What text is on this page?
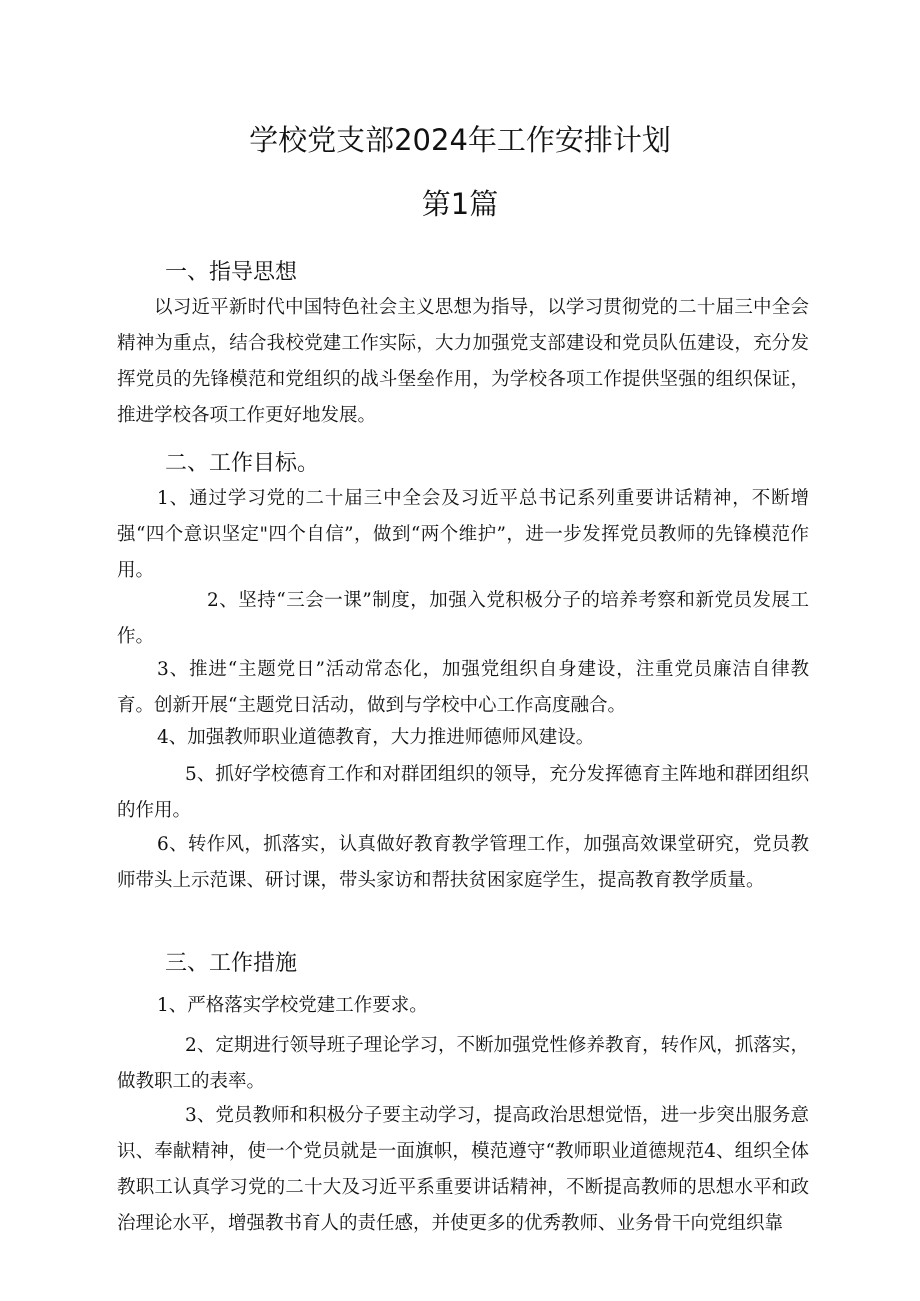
学校党支部2024年工作安排计划
第1篇
一、指导思想

以习近平新时代中国特色社会主义思想为指导，以学习贯彻党的二十届三中全会精神为重点，结合我校党建工作实际，大力加强党支部建设和党员队伍建设，充分发挥党员的先锋模范和党组织的战斗堡垒作用，为学校各项工作提供坚强的组织保证，推进学校各项工作更好地发展。

二、工作目标。

1、通过学习党的二十届三中全会及习近平总书记系列重要讲话精神，不断增强“四个意识坚定"四个自信”，做到“两个维护”，进一步发挥党员教师的先锋模范作用。

2、坚持“三会一课”制度，加强入党积极分子的培养考察和新党员发展工作。

3、推进“主题党日”活动常态化，加强党组织自身建设，注重党员廉洁自律教育。创新开展“主题党日活动，做到与学校中心工作高度融合。

4、加强教师职业道德教育，大力推进师德师风建设。

5、抓好学校德育工作和对群团组织的领导，充分发挥德育主阵地和群团组织的作用。

6、转作风，抓落实，认真做好教育教学管理工作，加强高效课堂研究，党员教师带头上示范课、研讨课，带头家访和帮扶贫困家庭学生，提高教育教学质量。

三、工作措施

1、严格落实学校党建工作要求。

2、定期进行领导班子理论学习，不断加强党性修养教育，转作风，抓落实，做教职工的表率。

3、党员教师和积极分子要主动学习，提高政治思想觉悟，进一步突出服务意识、奉献精神，使一个党员就是一面旗帜，模范遵守“教师职业道德规范4、组织全体教职工认真学习党的二十大及习近平系重要讲话精神，不断提高教师的思想水平和政治理论水平，增强教书育人的责任感，并使更多的优秀教师、业务骨干向党组织靠
